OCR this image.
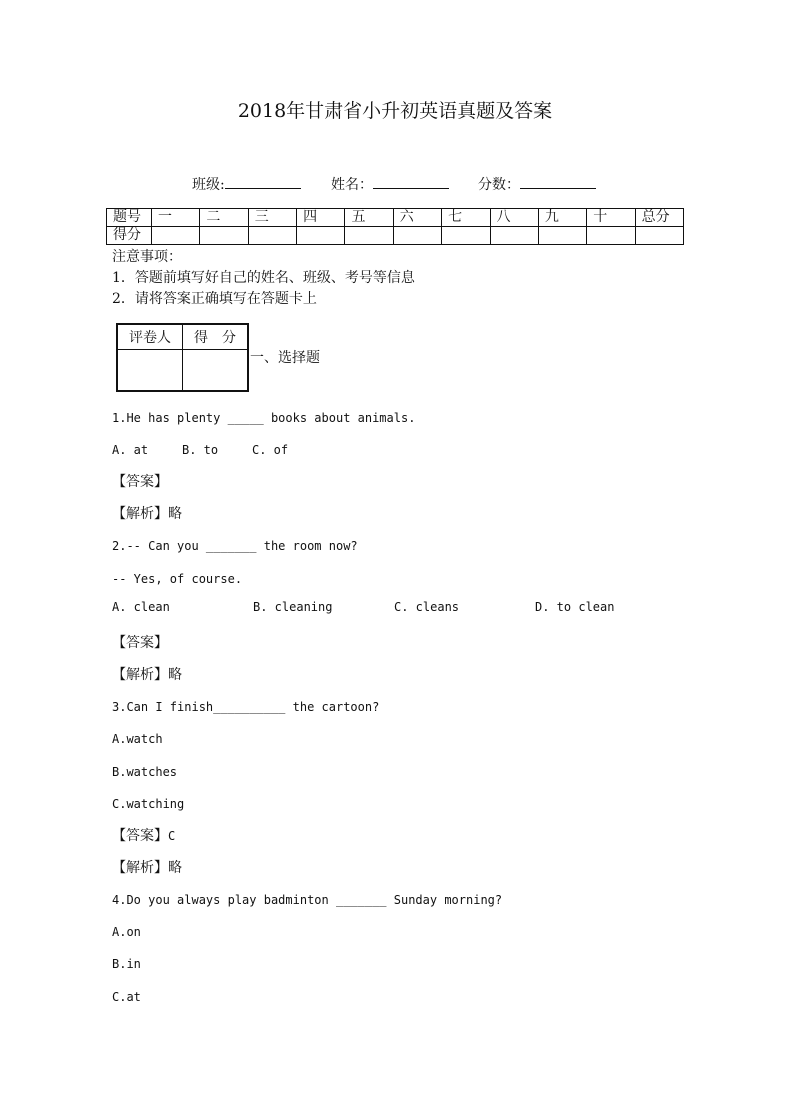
2018年甘肃省小升初英语真题及答案
班级:	姓名：	分数：
题号	一	二	三	四	五	六	七	八	九	十	总分
得分											
注意事项：
1．答题前填写好自己的姓名、班级、考号等信息
2．请将答案正确填写在答题卡上
评卷人	得　分

一、选择题
1.He has plenty _____ books about animals.
A. at	B. to	C. of
【答案】
【解析】略
2.-- Can you _______ the room now?
-- Yes, of course.
A. clean	B. cleaning	C. cleans	D. to clean
【答案】
【解析】略
3.Can I finish__________ the cartoon?
A.watch
B.watches
C.watching
【答案】C
【解析】略
4.Do you always play badminton _______ Sunday morning?
A.on
B.in
C.at
